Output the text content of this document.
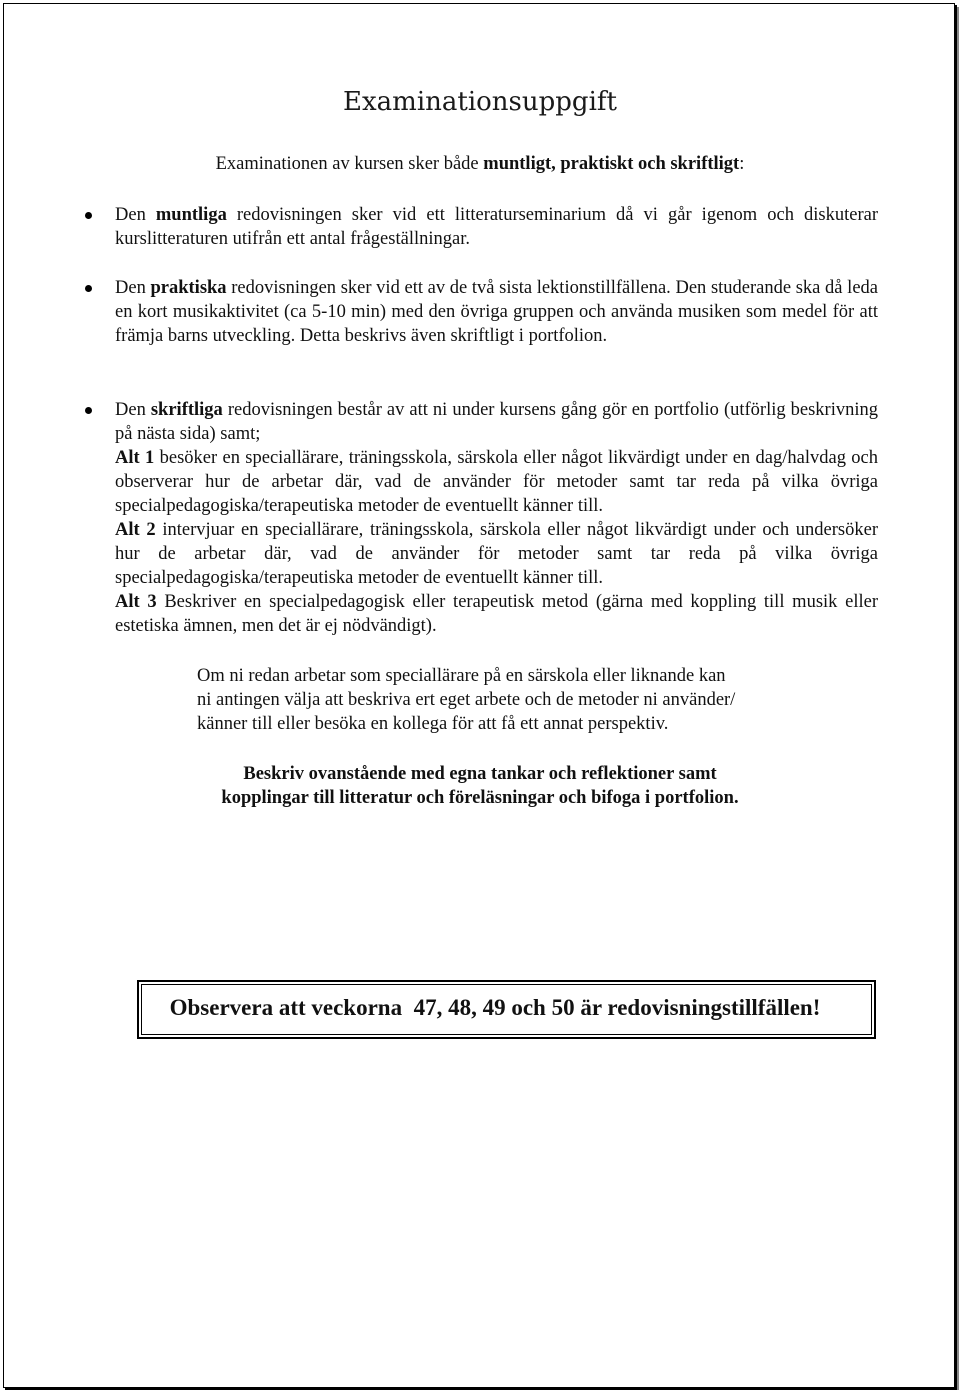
Examinationsuppgift

Examinationen av kursen sker både muntligt, praktiskt och skriftligt:

Den muntliga redovisningen sker vid ett litteraturseminarium då vi går igenom och diskuterar kurslitteraturen utifrån ett antal frågeställningar.
Den praktiska redovisningen sker vid ett av de två sista lektionstillfällena. Den studerande ska då leda en kort musikaktivitet (ca 5-10 min) med den övriga gruppen och använda musiken som medel för att främja barns utveckling. Detta beskrivs även skriftligt i portfolion.
Den skriftliga redovisningen består av att ni under kursens gång gör en portfolio (utförlig beskrivning på nästa sida) samt;
Alt 1 besöker en speciallärare, träningsskola, särskola eller något likvärdigt under en dag/halvdag och observerar hur de arbetar där, vad de använder för metoder samt tar reda på vilka övriga specialpedagogiska/terapeutiska metoder de eventuellt känner till.
Alt 2 intervjuar en speciallärare, träningsskola, särskola eller något likvärdigt under och undersöker hur de arbetar där, vad de använder för metoder samt tar reda på vilka övriga specialpedagogiska/terapeutiska metoder de eventuellt känner till.
Alt 3 Beskriver en specialpedagogisk eller terapeutisk metod (gärna med koppling till musik eller estetiska ämnen, men det är ej nödvändigt).
Om ni redan arbetar som speciallärare på en särskola eller liknande kan
ni antingen välja att beskriva ert eget arbete och de metoder ni använder/
känner till eller besöka en kollega för att få ett annat perspektiv.
Beskriv ovanstående med egna tankar och reflektioner samt
kopplingar till litteratur och föreläsningar och bifoga i portfolion.
Observera att veckorna  47, 48, 49 och 50 är redovisningstillfällen!
